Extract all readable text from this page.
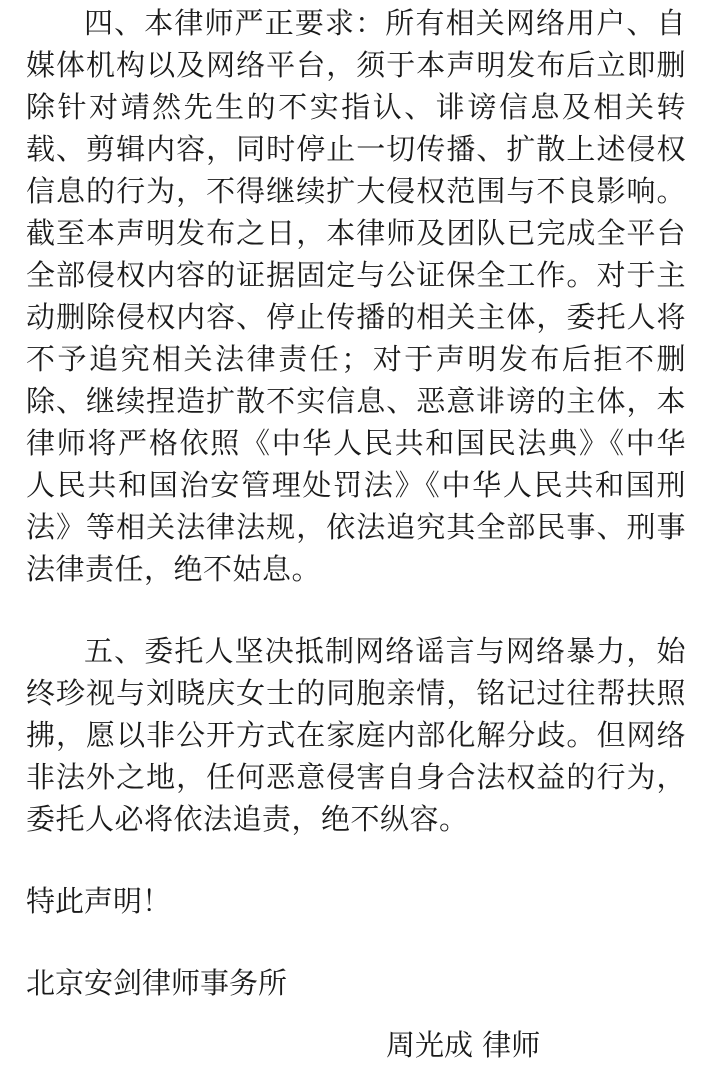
四、本律师严正要求：所有相关网络用户、自媒体机构以及网络平台，须于本声明发布后立即删除针对靖然先生的不实指认、诽谤信息及相关转载、剪辑内容，同时停止一切传播、扩散上述侵权信息的行为，不得继续扩大侵权范围与不良影响。截至本声明发布之日，本律师及团队已完成全平台全部侵权内容的证据固定与公证保全工作。对于主动删除侵权内容、停止传播的相关主体，委托人将不予追究相关法律责任；对于声明发布后拒不删除、继续捏造扩散不实信息、恶意诽谤的主体，本律师将严格依照《中华人民共和国民法典》《中华人民共和国治安管理处罚法》《中华人民共和国刑法》等相关法律法规，依法追究其全部民事、刑事法律责任，绝不姑息。

五、委托人坚决抵制网络谣言与网络暴力，始终珍视与刘晓庆女士的同胞亲情，铭记过往帮扶照拂，愿以非公开方式在家庭内部化解分歧。但网络非法外之地，任何恶意侵害自身合法权益的行为，委托人必将依法追责，绝不纵容。

特此声明！

北京安剑律师事务所

周光成 律师
